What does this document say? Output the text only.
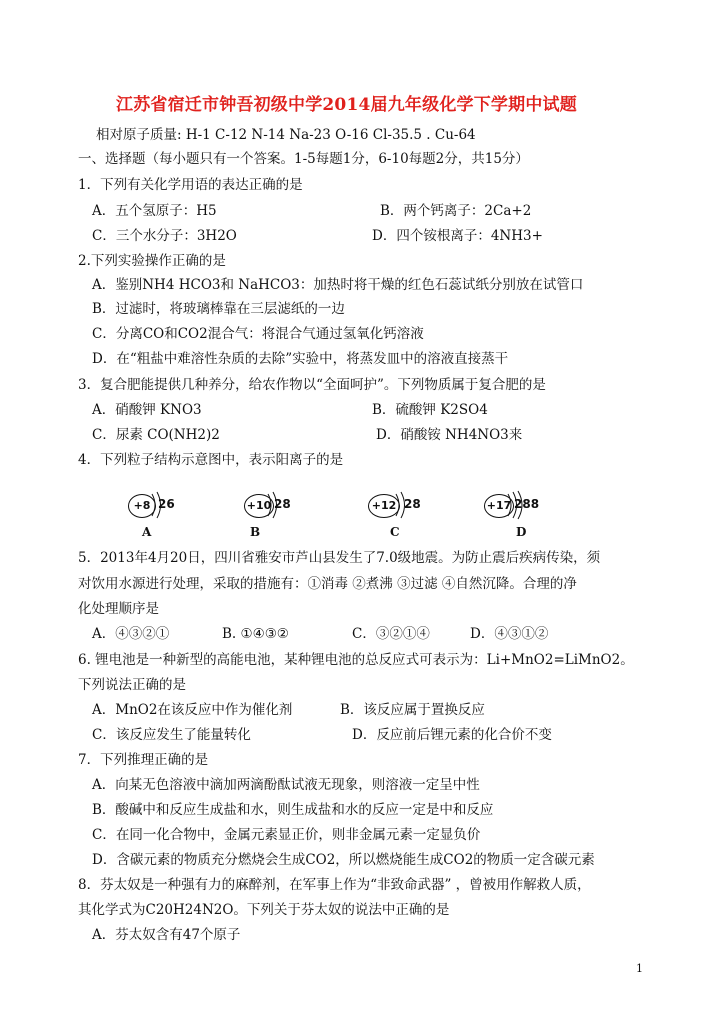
江苏省宿迁市钟吾初级中学2014届九年级化学下学期中试题
相对原子质量: H-1 C-12 N-14 Na-23 O-16 Cl-35.5 . Cu-64
一、选择题（每小题只有一个答案。1-5每题1分，6-10每题2分，共15分）
1．下列有关化学用语的表达正确的是
A．五个氢原子：H5	B．两个钙离子：2Ca+2
C．三个水分子：3H2O	D．四个铵根离子：4NH3+
2.下列实验操作正确的是
A．鉴别NH4 HCO3和 NaHCO3：加热时将干燥的红色石蕊试纸分别放在试管口
B．过滤时，将玻璃棒靠在三层滤纸的一边
C．分离CO和CO2混合气：将混合气通过氢氧化钙溶液
D．在“粗盐中难溶性杂质的去除”实验中，将蒸发皿中的溶液直接蒸干
3．复合肥能提供几种养分，给农作物以“全面呵护”。下列物质属于复合肥的是
A．硝酸钾 KNO3	B．硫酸钾 K2SO4
C．尿素 CO(NH2)2	D．硝酸铵 NH4NO3来
4．下列粒子结构示意图中，表示阳离子的是
+8 26
A
+10 28
B
+12 28
C
+17 288
D
5．2013年4月20日，四川省雅安市芦山县发生了7.0级地震。为防止震后疾病传染，须
对饮用水源进行处理，采取的措施有：①消毒 ②煮沸 ③过滤 ④自然沉降。合理的净
化处理顺序是
A．④③②①	B. ①④③②	C．③②①④	D．④③①②
6. 锂电池是一种新型的高能电池，某种锂电池的总反应式可表示为：Li+MnO2=LiMnO2。
下列说法正确的是
A．MnO2在该反应中作为催化剂	B．该反应属于置换反应
C．该反应发生了能量转化	D．反应前后锂元素的化合价不变
7．下列推理正确的是
A．向某无色溶液中滴加两滴酚酞试液无现象，则溶液一定呈中性
B．酸碱中和反应生成盐和水，则生成盐和水的反应一定是中和反应
C．在同一化合物中，金属元素显正价，则非金属元素一定显负价
D．含碳元素的物质充分燃烧会生成CO2，所以燃烧能生成CO2的物质一定含碳元素
8．芬太奴是一种强有力的麻醉剂，在军事上作为“非致命武器” ，曾被用作解救人质，
其化学式为C20H24N2O。下列关于芬太奴的说法中正确的是
A．芬太奴含有47个原子
1
